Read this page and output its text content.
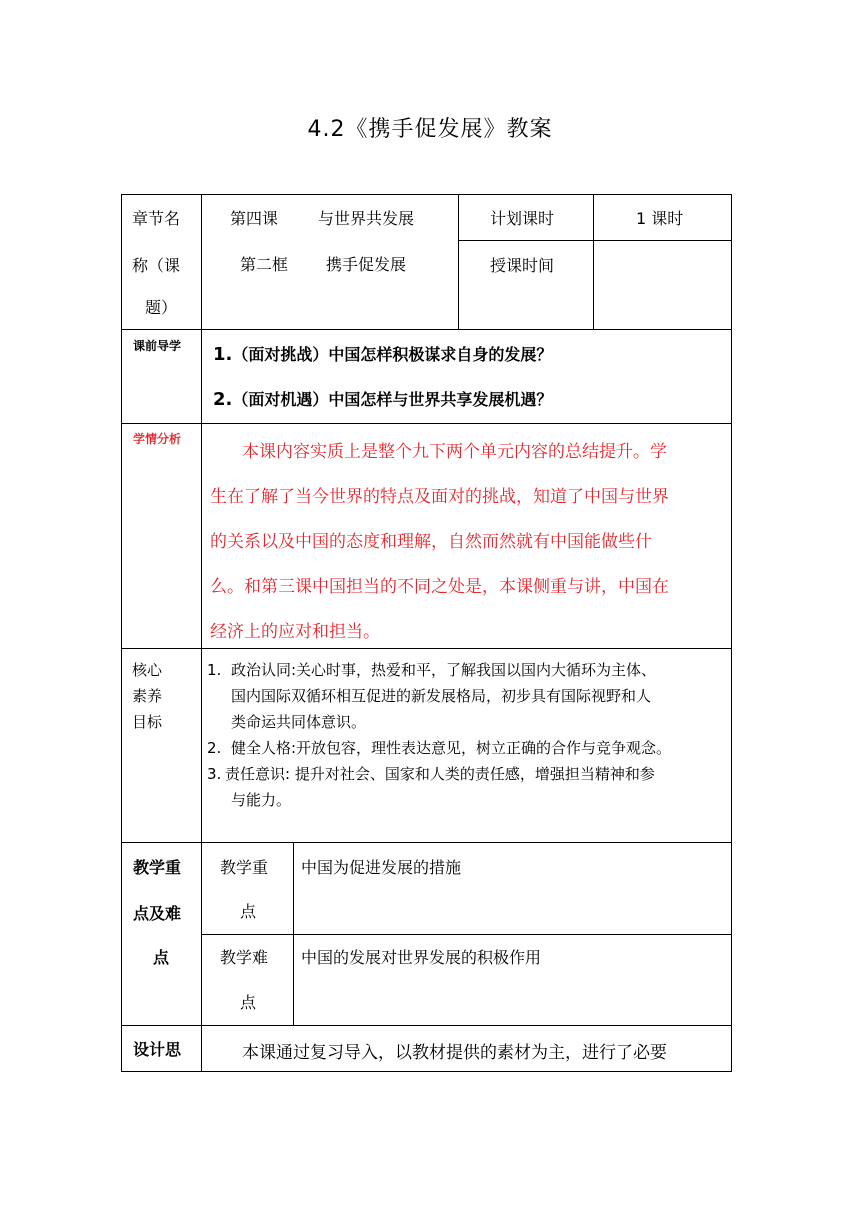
4.2《携手促发展》教案
章节名
称（课
题）
第四课 与世界共发展
第二框 携手促发展
计划课时	1 课时
授课时间
课前导学 1.（面对挑战）中国怎样积极谋求自身的发展？
2.（面对机遇）中国怎样与世界共享发展机遇？
学情分析
本课内容实质上是整个九下两个单元内容的总结提升。学
生在了解了当今世界的特点及面对的挑战，知道了中国与世界
的关系以及中国的态度和理解，自然而然就有中国能做些什
么。和第三课中国担当的不同之处是，本课侧重与讲，中国在
经济上的应对和担当。
核心
素养
目标
1. 政治认同:关心时事，热爱和平，了解我国以国内大循环为主体、
国内国际双循环相互促进的新发展格局，初步具有国际视野和人
类命运共同体意识。
2. 健全人格:开放包容，理性表达意见，树立正确的合作与竞争观念。
3. 责任意识: 提升对社会、国家和人类的责任感，增强担当精神和参
与能力。
教学重
点及难
点
教学重
点
中国为促进发展的措施
教学难
点
中国的发展对世界发展的积极作用
设计思	本课通过复习导入，以教材提供的素材为主，进行了必要
